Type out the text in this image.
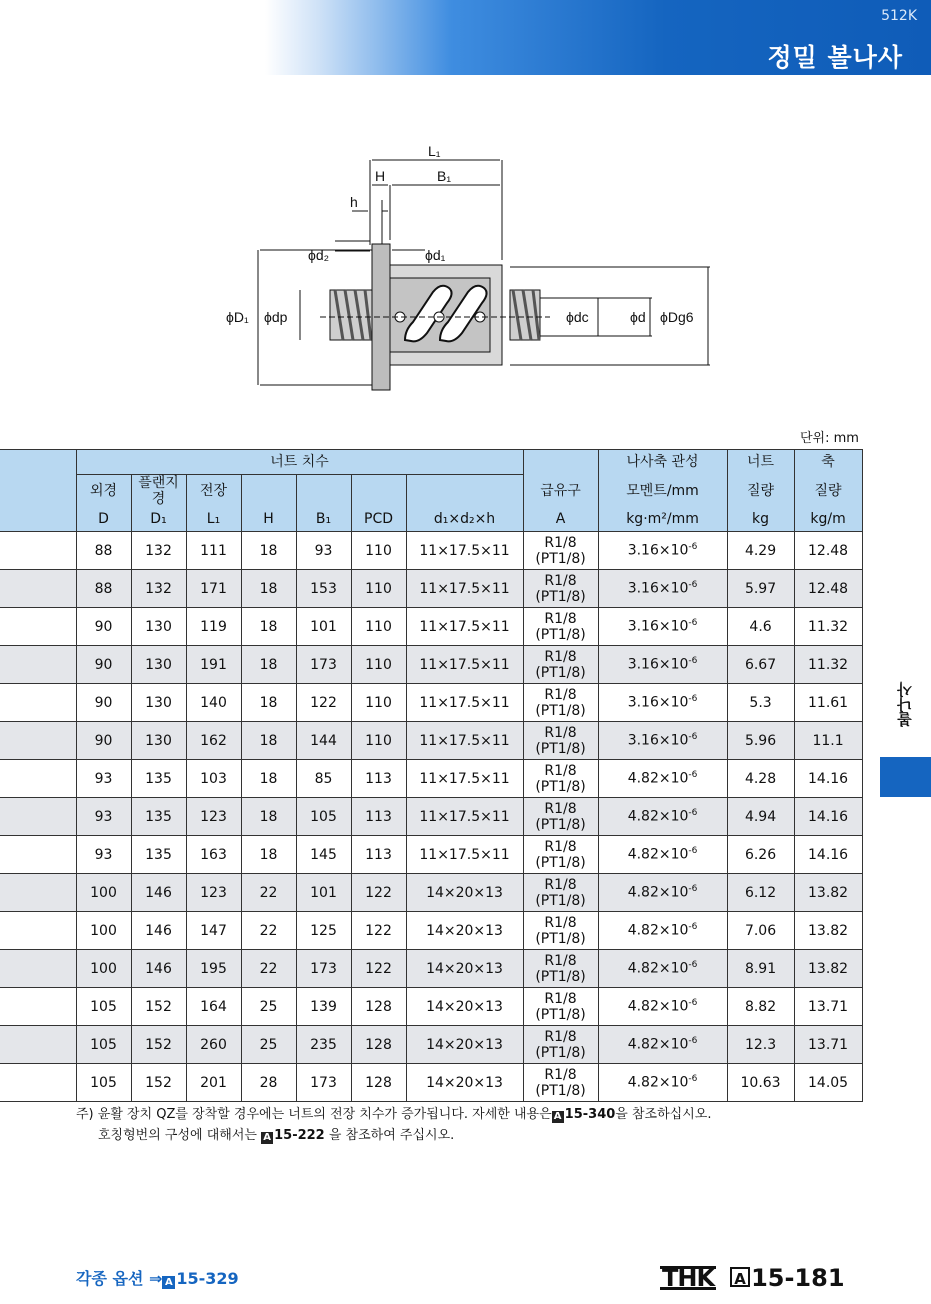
512K
정밀 볼나사
L₁
H	B₁
h
ϕd₂	ϕd₁
ϕD₁ ϕdp	ϕdc	ϕd ϕDg6
단위: mm
	너트 치수								나사축 관성	너트	축
	외경	플랜지경	전장					급유구	모멘트/mm	질량	질량
	D	D₁	L₁	H	B₁	PCD	d₁×d₂×h	A	kg·m²/mm	kg	kg/m
	88	132	111	18	93	110	11×17.5×11	R1/8
(PT1/8)	$3.16\times 10^{-6}$	4.29	12.48
	88	132	171	18	153	110	11×17.5×11	R1/8
(PT1/8)	$3.16\times 10^{-6}$	5.97	12.48
	90	130	119	18	101	110	11×17.5×11	R1/8
(PT1/8)	$3.16\times 10^{-6}$	4.6	11.32
	90	130	191	18	173	110	11×17.5×11	R1/8
(PT1/8)	$3.16\times 10^{-6}$	6.67	11.32
	90	130	140	18	122	110	11×17.5×11	R1/8
(PT1/8)	$3.16\times 10^{-6}$	5.3	11.61
	90	130	162	18	144	110	11×17.5×11	R1/8
(PT1/8)	$3.16\times 10^{-6}$	5.96	11.1
	93	135	103	18	85	113	11×17.5×11	R1/8
(PT1/8)	$4.82\times 10^{-6}$	4.28	14.16
	93	135	123	18	105	113	11×17.5×11	R1/8
(PT1/8)	$4.82\times 10^{-6}$	4.94	14.16
	93	135	163	18	145	113	11×17.5×11	R1/8
(PT1/8)	$4.82\times 10^{-6}$	6.26	14.16
	100	146	123	22	101	122	14×20×13	R1/8
(PT1/8)	$4.82\times 10^{-6}$	6.12	13.82
	100	146	147	22	125	122	14×20×13	R1/8
(PT1/8)	$4.82\times 10^{-6}$	7.06	13.82
	100	146	195	22	173	122	14×20×13	R1/8
(PT1/8)	$4.82\times 10^{-6}$	8.91	13.82
	105	152	164	25	139	128	14×20×13	R1/8
(PT1/8)	$4.82\times 10^{-6}$	8.82	13.71
	105	152	260	25	235	128	14×20×13	R1/8
(PT1/8)	$4.82\times 10^{-6}$	12.3	13.71
	105	152	201	28	173	128	14×20×13	R1/8
(PT1/8)	$4.82\times 10^{-6}$	10.63	14.05
볼나사
주) 윤활 장치 QZ를 장착할 경우에는 너트의 전장 치수가 증가됩니다. 자세한 내용은 A 15-340을 참조하십시오.
호칭형번의 구성에 대해서는 A 15-222 을 참조하여 주십시오.
각종 옵션 ⇒ A 15-329	THK A 15-181
